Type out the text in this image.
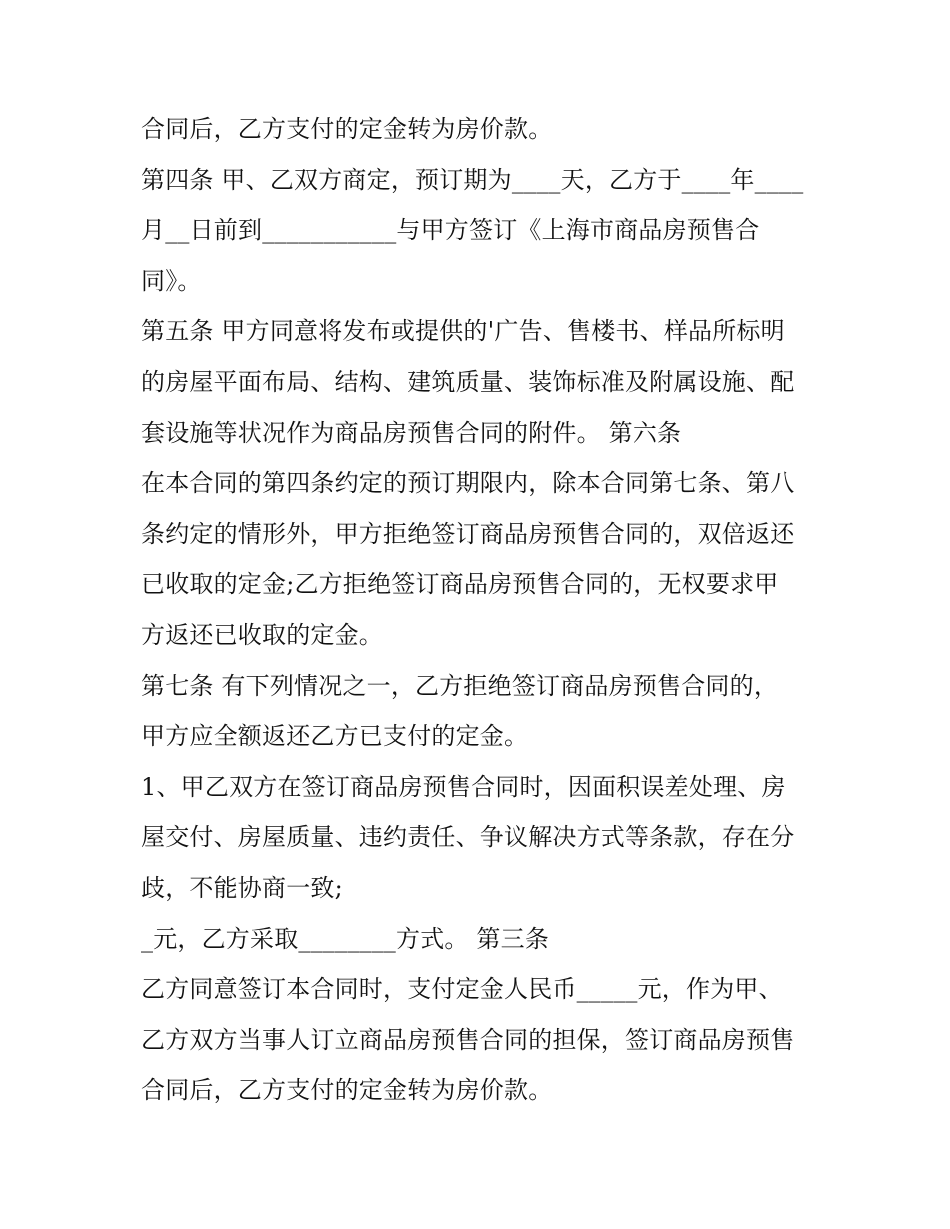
合同后，乙方支付的定金转为房价款。
第四条 甲、乙双方商定，预订期为____天，乙方于____年____
月__日前到___________与甲方签订《上海市商品房预售合
同》。
第五条 甲方同意将发布或提供的'广告、售楼书、样品所标明
的房屋平面布局、结构、建筑质量、装饰标准及附属设施、配
套设施等状况作为商品房预售合同的附件。 第六条
在本合同的第四条约定的预订期限内，除本合同第七条、第八
条约定的情形外，甲方拒绝签订商品房预售合同的，双倍返还
已收取的定金;乙方拒绝签订商品房预售合同的，无权要求甲
方返还已收取的定金。
第七条 有下列情况之一，乙方拒绝签订商品房预售合同的，
甲方应全额返还乙方已支付的定金。
1、甲乙双方在签订商品房预售合同时，因面积误差处理、房
屋交付、房屋质量、违约责任、争议解决方式等条款，存在分
歧，不能协商一致;
_元，乙方采取________方式。 第三条
乙方同意签订本合同时，支付定金人民币_____元，作为甲、
乙方双方当事人订立商品房预售合同的担保，签订商品房预售
合同后，乙方支付的定金转为房价款。
